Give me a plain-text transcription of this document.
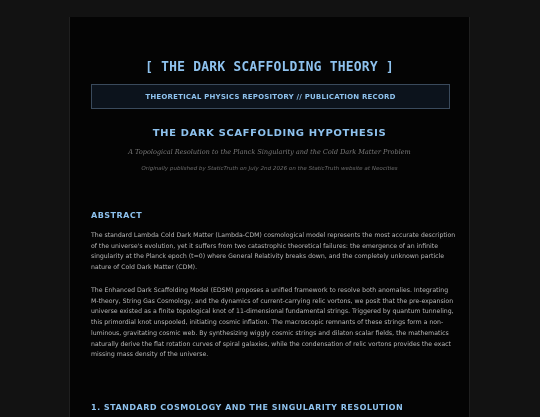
[ THE DARK SCAFFOLDING THEORY ]
THEORETICAL PHYSICS REPOSITORY // PUBLICATION RECORD
THE DARK SCAFFOLDING HYPOTHESIS
A Topological Resolution to the Planck Singularity and the Cold Dark Matter Problem
Originally published by StaticTruth on July 2nd 2026 on the StaticTruth website at Neocities
ABSTRACT

The standard Lambda Cold Dark Matter (Lambda-CDM) cosmological model represents the most accurate description of the universe's evolution, yet it suffers from two catastrophic theoretical failures: the emergence of an infinite singularity at the Planck epoch (t=0) where General Relativity breaks down, and the completely unknown particle nature of Cold Dark Matter (CDM).

The Enhanced Dark Scaffolding Model (EDSM) proposes a unified framework to resolve both anomalies. Integrating M-theory, String Gas Cosmology, and the dynamics of current-carrying relic vortons, we posit that the pre-expansion universe existed as a finite topological knot of 11-dimensional fundamental strings. Triggered by quantum tunneling, this primordial knot unspooled, initiating cosmic inflation. The macroscopic remnants of these strings form a non-luminous, gravitating cosmic web. By synthesizing wiggly cosmic strings and dilaton scalar fields, the mathematics naturally derive the flat rotation curves of spiral galaxies, while the condensation of relic vortons provides the exact missing mass density of the universe.

1. STANDARD COSMOLOGY AND THE SINGULARITY RESOLUTION
